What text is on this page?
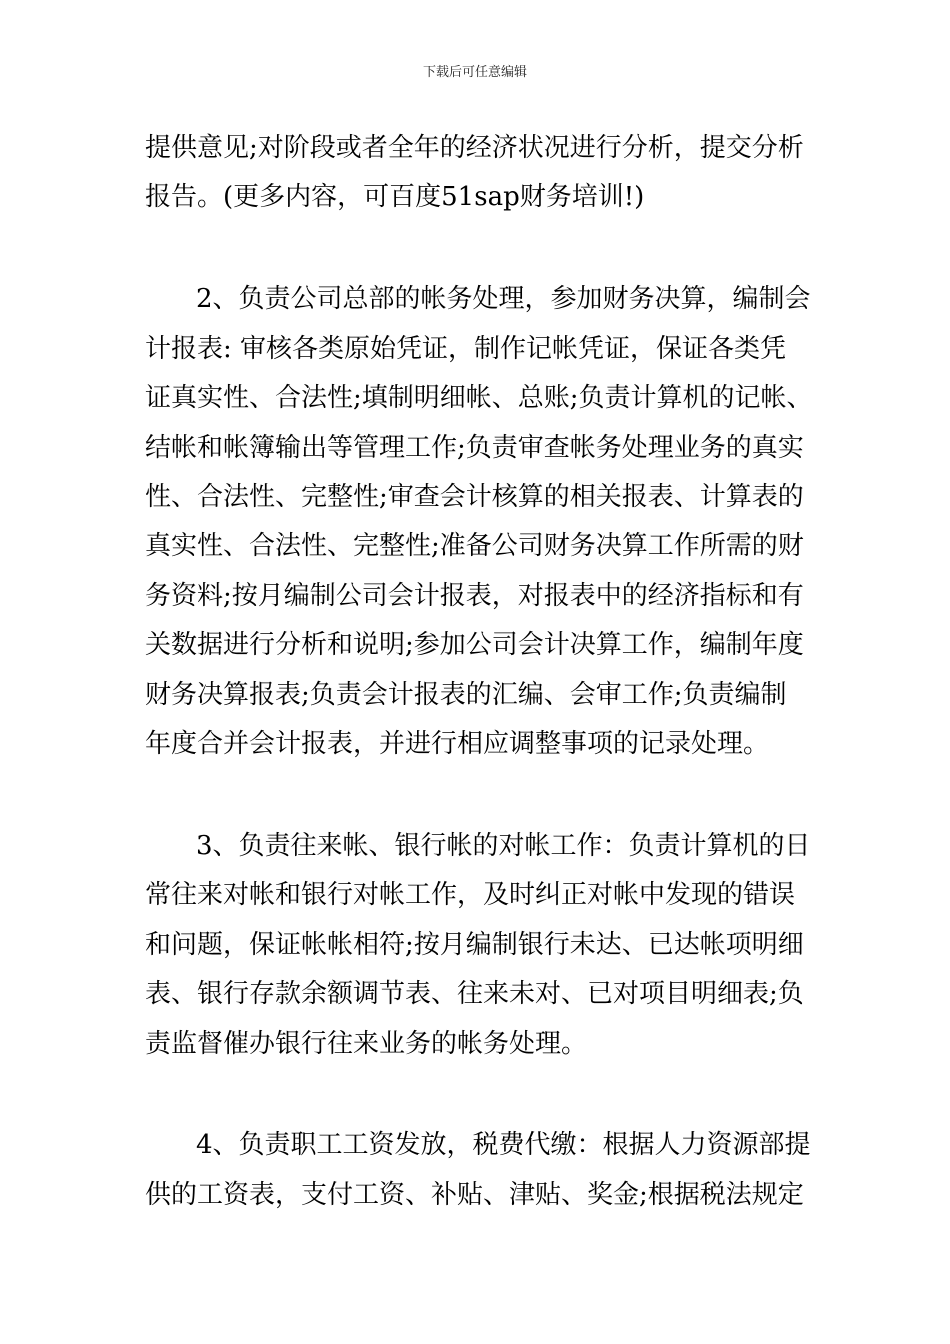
下载后可任意编辑
提供意见;对阶段或者全年的经济状况进行分析，提交分析
报告。(更多内容，可百度51sap财务培训!)
2、负责公司总部的帐务处理，参加财务决算，编制会
计报表: 审核各类原始凭证，制作记帐凭证，保证各类凭
证真实性、合法性;填制明细帐、总账;负责计算机的记帐、
结帐和帐簿输出等管理工作;负责审查帐务处理业务的真实
性、合法性、完整性;审查会计核算的相关报表、计算表的
真实性、合法性、完整性;准备公司财务决算工作所需的财
务资料;按月编制公司会计报表，对报表中的经济指标和有
关数据进行分析和说明;参加公司会计决算工作，编制年度
财务决算报表;负责会计报表的汇编、会审工作;负责编制
年度合并会计报表，并进行相应调整事项的记录处理。
3、负责往来帐、银行帐的对帐工作：负责计算机的日
常往来对帐和银行对帐工作，及时纠正对帐中发现的错误
和问题，保证帐帐相符;按月编制银行未达、已达帐项明细
表、银行存款余额调节表、往来未对、已对项目明细表;负
责监督催办银行往来业务的帐务处理。
4、负责职工工资发放，税费代缴：根据人力资源部提
供的工资表，支付工资、补贴、津贴、奖金;根据税法规定
